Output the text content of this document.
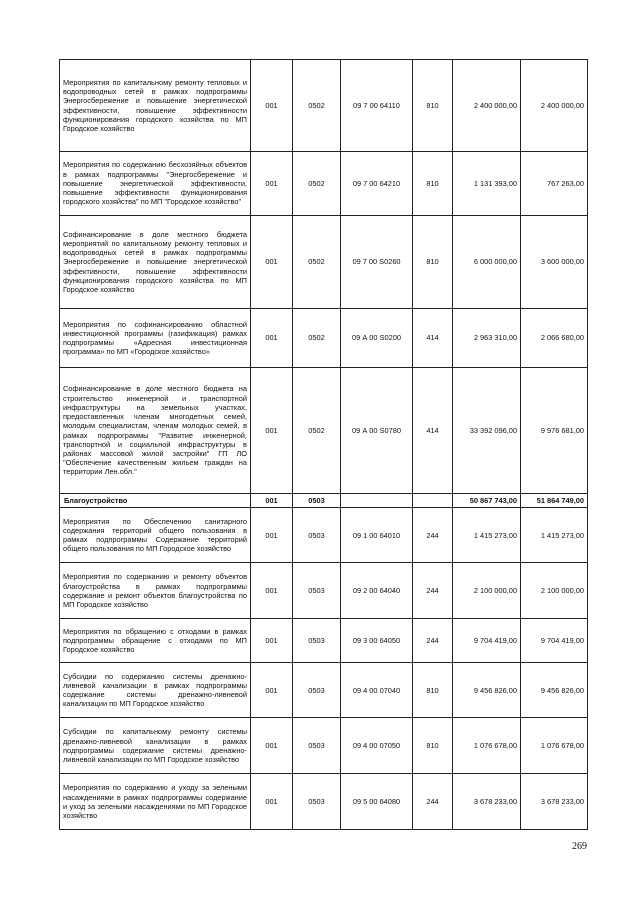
Мероприятия по капитальному ремонту тепловых и водопроводных сетей в рамках подпрограммы Энергосбережение и повышение энергетической эффективности, повышение эффективности функционирования городского хозяйства по МП Городское хозяйство	001	0502	09 7 00 64110	810	2 400 000,00	2 400 000,00
Мероприятия по содержанию бесхозяйных объектов в рамках подпрограммы "Энергосбережение и повышение энергетической эффективности, повышение эффективности функционирования городского хозяйства" по МП "Городское хозяйство"	001	0502	09 7 00 64210	810	1 131 393,00	767 263,00
Софинансирование в доле местного бюджета мероприятий по капитальному ремонту тепловых и водопроводных сетей в рамках подпрограммы Энергосбережение и повышение энергетической эффективности, повышение эффективности функционирования городского хозяйства по МП Городское хозяйство	001	0502	09 7 00 S0260	810	6 000 000,00	3 600 000,00
Мероприятия по софинансированию областной инвестиционной программы (газификация) рамках подпрограммы «Адресная инвестиционная программа» по МП «Городское хозяйство»	001	0502	09 А 00 S0200	414	2 963 310,00	2 066 680,00
Софинансирование в доле местного бюджета на строительство инженерной и транспортной инфраструктуры на земельных участках, предоставленных членам многодетных семей, молодым специалистам, членам молодых семей, в рамках подпрограммы "Развитие инженерной, транспортной и социальной инфраструктуры в районах массовой жилой застройки" ГП ЛО "Обеспечение качественным жильем граждан на территории Лен.обл."	001	0502	09 А 00 S0780	414	33 392 096,00	9 976 681,00
Благоустройство	001	0503			50 867 743,00	51 864 749,00
Мероприятия по Обеспечению санитарного содержания территорий общего пользования в рамках подпрограммы Содержание территорий общего пользования по МП Городское хозяйство	001	0503	09 1 00 64010	244	1 415 273,00	1 415 273,00
Мероприятия по содержанию и ремонту объектов благоустройства в рамках подпрограммы содержание и ремонт объектов благоустройства по МП Городское хозяйство	001	0503	09 2 00 64040	244	2 100 000,00	2 100 000,00
Мероприятия по обращению с отходами в рамках подпрограммы обращение с отходами по МП Городское хозяйство	001	0503	09 3 00 64050	244	9 704 419,00	9 704 419,00
Субсидии по содержанию системы дренажно-ливневой канализации в рамках подпрограммы содержание системы дренажно-ливневой канализации по МП Городское хозяйство	001	0503	09 4 00 07040	810	9 456 826,00	9 456 826,00
Субсидии по капитальному ремонту системы дренажно-ливневой канализации в рамках подпрограммы содержание системы дренажно-ливневой канализации по МП Городское хозяйство	001	0503	09 4 00 07050	810	1 076 678,00	1 076 678,00
Мероприятия по содержанию и уходу за зелеными насаждениями в рамках подпрограммы содержание и уход за зелеными насаждениями по МП Городское хозяйство	001	0503	09 5 00 64080	244	3 678 233,00	3 678 233,00
269
